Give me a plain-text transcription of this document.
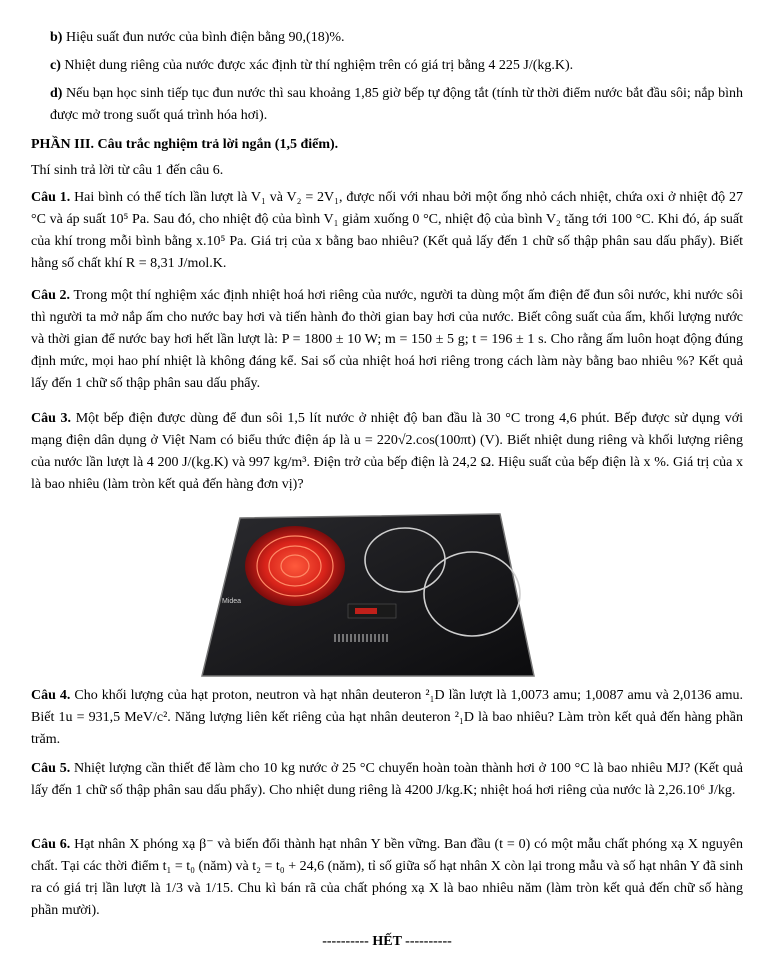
b) Hiệu suất đun nước của bình điện bằng 90,(18)%.
c) Nhiệt dung riêng của nước được xác định từ thí nghiệm trên có giá trị bằng 4 225 J/(kg.K).
d) Nếu bạn học sinh tiếp tục đun nước thì sau khoảng 1,85 giờ bếp tự động tắt (tính từ thời điểm nước bắt đầu sôi; nắp bình được mở trong suốt quá trình hóa hơi).
PHẦN III. Câu trắc nghiệm trả lời ngắn (1,5 điểm).
Thí sinh trả lời từ câu 1 đến câu 6.
Câu 1. Hai bình có thể tích lần lượt là V₁ và V₂ = 2V₁, được nối với nhau bởi một ống nhỏ cách nhiệt, chứa oxi ở nhiệt độ 27 °C và áp suất 10⁵ Pa. Sau đó, cho nhiệt độ của bình V₁ giảm xuống 0 °C, nhiệt độ của bình V₂ tăng tới 100 °C. Khi đó, áp suất của khí trong mỗi bình bằng x.10⁵ Pa. Giá trị của x bằng bao nhiêu? (Kết quả lấy đến 1 chữ số thập phân sau dấu phẩy). Biết hằng số chất khí R = 8,31 J/mol.K.
Câu 2. Trong một thí nghiệm xác định nhiệt hoá hơi riêng của nước, người ta dùng một ấm điện để đun sôi nước, khi nước sôi thì người ta mở nắp ấm cho nước bay hơi và tiến hành đo thời gian bay hơi của nước. Biết công suất của ấm, khối lượng nước và thời gian để nước bay hơi hết lần lượt là: P = 1800 ± 10 W; m = 150 ± 5 g; t = 196 ± 1 s. Cho rằng ấm luôn hoạt động đúng định mức, mọi hao phí nhiệt là không đáng kể. Sai số của nhiệt hoá hơi riêng trong cách làm này bằng bao nhiêu %? Kết quả lấy đến 1 chữ số thập phân sau dấu phẩy.
Câu 3. Một bếp điện được dùng để đun sôi 1,5 lít nước ở nhiệt độ ban đầu là 30 °C trong 4,6 phút. Bếp được sử dụng với mạng điện dân dụng ở Việt Nam có biểu thức điện áp là u = 220√2.cos(100πt) (V). Biết nhiệt dung riêng và khối lượng riêng của nước lần lượt là 4 200 J/(kg.K) và 997 kg/m³. Điện trở của bếp điện là 24,2 Ω. Hiệu suất của bếp điện là x %. Giá trị của x là bao nhiêu (làm tròn kết quả đến hàng đơn vị)?
Midea
Câu 4. Cho khối lượng của hạt proton, neutron và hạt nhân deuteron ²₁D lần lượt là 1,0073 amu; 1,0087 amu và 2,0136 amu. Biết 1u = 931,5 MeV/c². Năng lượng liên kết riêng của hạt nhân deuteron ²₁D là bao nhiêu? Làm tròn kết quả đến hàng phần trăm.
Câu 5. Nhiệt lượng cần thiết để làm cho 10 kg nước ở 25 °C chuyển hoàn toàn thành hơi ở 100 °C là bao nhiêu MJ? (Kết quả lấy đến 1 chữ số thập phân sau dấu phẩy). Cho nhiệt dung riêng là 4200 J/kg.K; nhiệt hoá hơi riêng của nước là 2,26.10⁶ J/kg.
Câu 6. Hạt nhân X phóng xạ β⁻ và biến đổi thành hạt nhân Y bền vững. Ban đầu (t = 0) có một mẫu chất phóng xạ X nguyên chất. Tại các thời điểm t₁ = t₀ (năm) và t₂ = t₀ + 24,6 (năm), tỉ số giữa số hạt nhân X còn lại trong mẫu và số hạt nhân Y đã sinh ra có giá trị lần lượt là 1/3 và 1/15. Chu kì bán rã của chất phóng xạ X là bao nhiêu năm (làm tròn kết quả đến chữ số hàng phần mười).
---------- HẾT ----------
